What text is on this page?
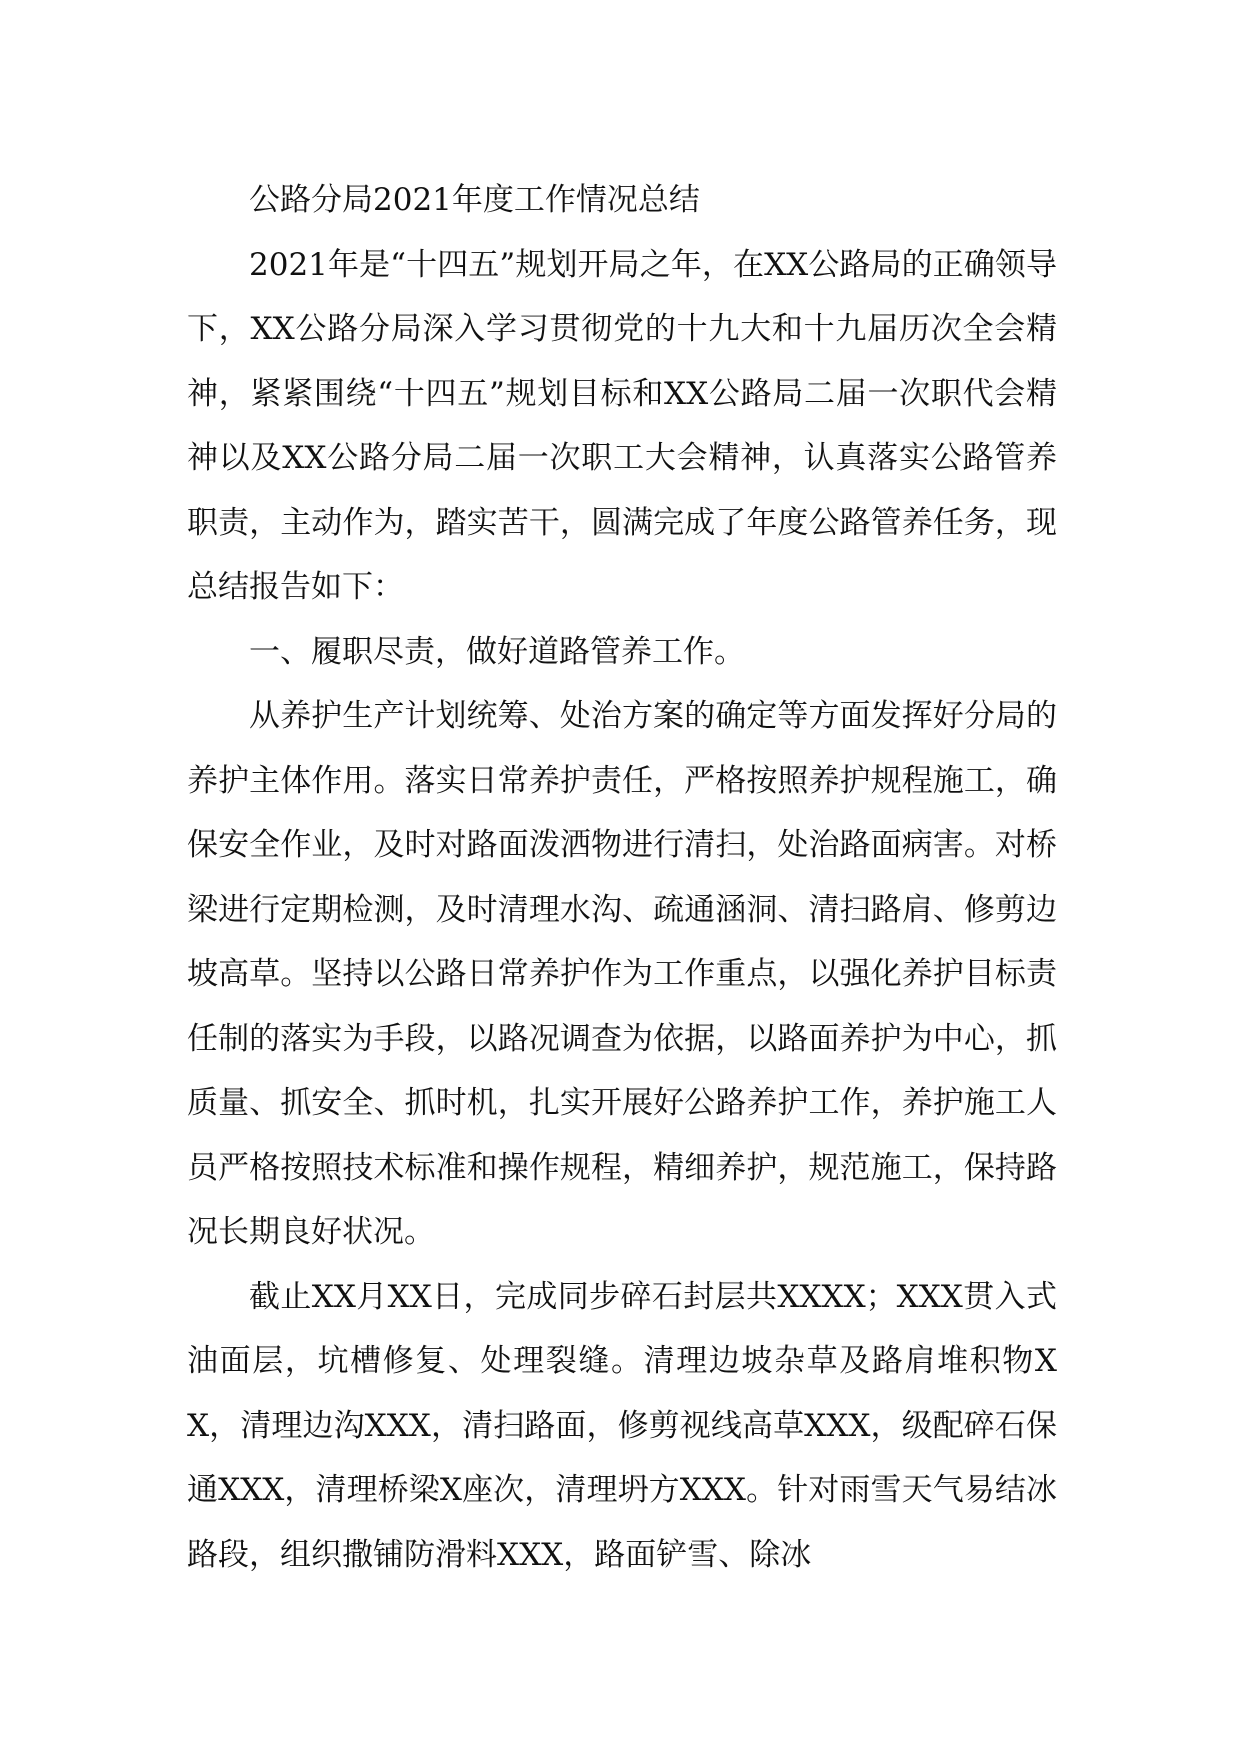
公路分局2021年度工作情况总结

2021年是“十四五”规划开局之年，在XX公路局的正确领导下，XX公路分局深入学习贯彻党的十九大和十九届历次全会精神，紧紧围绕“十四五”规划目标和XX公路局二届一次职代会精神以及XX公路分局二届一次职工大会精神，认真落实公路管养职责，主动作为，踏实苦干，圆满完成了年度公路管养任务，现总结报告如下：

一、履职尽责，做好道路管养工作。

从养护生产计划统筹、处治方案的确定等方面发挥好分局的养护主体作用。落实日常养护责任，严格按照养护规程施工，确保安全作业，及时对路面泼洒物进行清扫，处治路面病害。对桥梁进行定期检测，及时清理水沟、疏通涵洞、清扫路肩、修剪边坡高草。坚持以公路日常养护作为工作重点，以强化养护目标责任制的落实为手段，以路况调查为依据，以路面养护为中心，抓质量、抓安全、抓时机，扎实开展好公路养护工作，养护施工人员严格按照技术标准和操作规程，精细养护，规范施工，保持路况长期良好状况。

截止XX月XX日，完成同步碎石封层共XXXX；XXX贯入式油面层，坑槽修复、处理裂缝。清理边坡杂草及路肩堆积物XX，清理边沟XXX，清扫路面，修剪视线高草XXX，级配碎石保通XXX，清理桥梁X座次，清理坍方XXX。针对雨雪天气易结冰路段，组织撒铺防滑料XXX，路面铲雪、除冰
